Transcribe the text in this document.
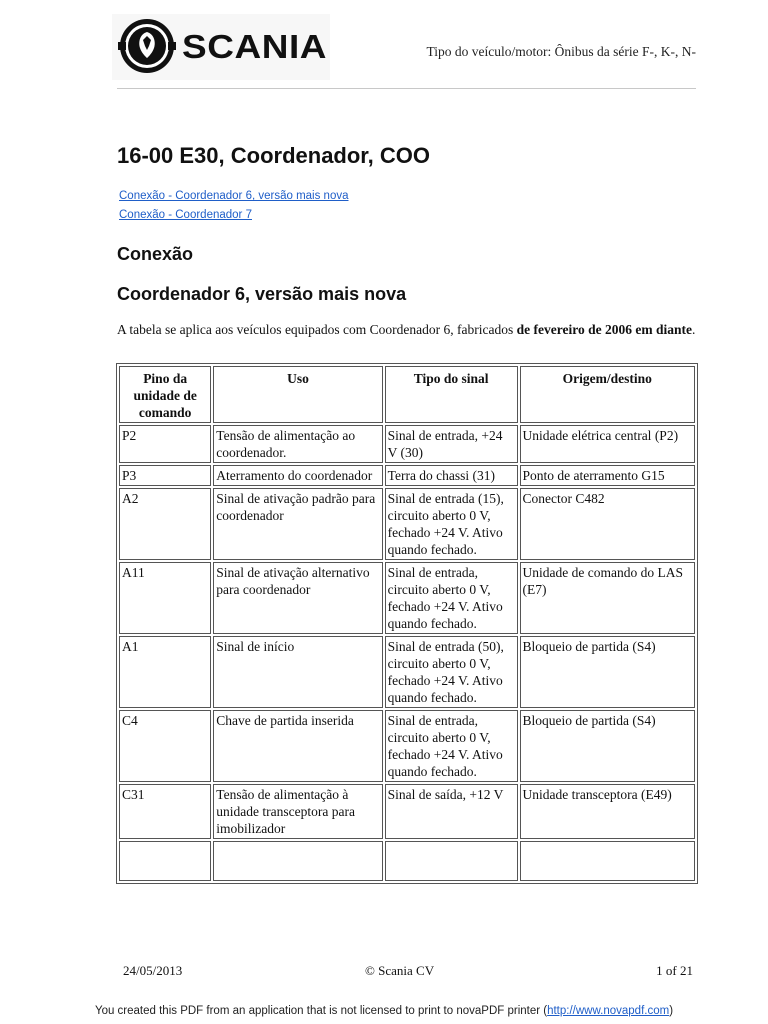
SCANIA	Tipo do veículo/motor: Ônibus da série F-, K-, N-
16-00 E30, Coordenador, COO
Conexão - Coordenador 6, versão mais nova
Conexão - Coordenador 7
Conexão
Coordenador 6, versão mais nova
A tabela se aplica aos veículos equipados com Coordenador 6, fabricados de fevereiro de 2006 em diante.
Pino da unidade de comando	Uso	Tipo do sinal	Origem/destino
P2	Tensão de alimentação ao coordenador.	Sinal de entrada, +24 V (30)	Unidade elétrica central (P2)
P3	Aterramento do coordenador	Terra do chassi (31)	Ponto de aterramento G15
A2	Sinal de ativação padrão para coordenador	Sinal de entrada (15), circuito aberto 0 V, fechado +24 V. Ativo quando fechado.	Conector C482
A11	Sinal de ativação alternativo para coordenador	Sinal de entrada, circuito aberto 0 V, fechado +24 V. Ativo quando fechado.	Unidade de comando do LAS (E7)
A1	Sinal de início	Sinal de entrada (50), circuito aberto 0 V, fechado +24 V. Ativo quando fechado.	Bloqueio de partida (S4)
C4	Chave de partida inserida	Sinal de entrada, circuito aberto 0 V, fechado +24 V. Ativo quando fechado.	Bloqueio de partida (S4)
C31	Tensão de alimentação à unidade transceptora para imobilizador	Sinal de saída, +12 V	Unidade transceptora (E49)

24/05/2013	© Scania CV	1 of 21
You created this PDF from an application that is not licensed to print to novaPDF printer (http://www.novapdf.com)
